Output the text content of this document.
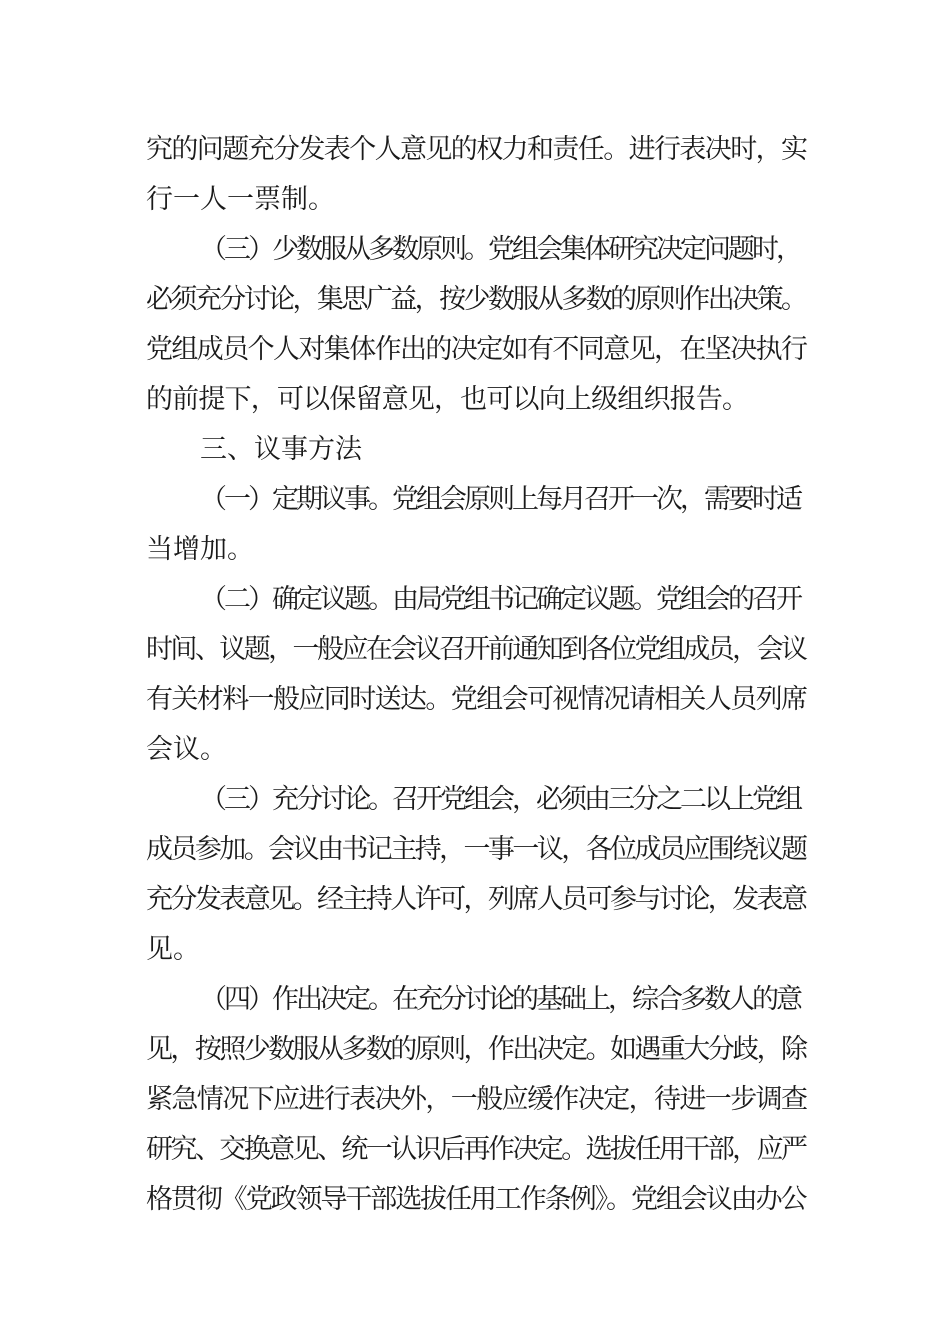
究的问题充分发表个人意见的权力和责任。进行表决时，实
行一人一票制。
（三）少数服从多数原则。党组会集体研究决定问题时，
必须充分讨论，集思广益，按少数服从多数的原则作出决策。
党组成员个人对集体作出的决定如有不同意见，在坚决执行
的前提下，可以保留意见，也可以向上级组织报告。
三、议事方法
（一）定期议事。党组会原则上每月召开一次，需要时适
当增加。
（二）确定议题。由局党组书记确定议题。党组会的召开
时间、议题，一般应在会议召开前通知到各位党组成员，会议
有关材料一般应同时送达。党组会可视情况请相关人员列席
会议。
（三）充分讨论。召开党组会，必须由三分之二以上党组
成员参加。会议由书记主持，一事一议，各位成员应围绕议题
充分发表意见。经主持人许可，列席人员可参与讨论，发表意
见。
（四）作出决定。在充分讨论的基础上，综合多数人的意
见，按照少数服从多数的原则，作出决定。如遇重大分歧，除
紧急情况下应进行表决外，一般应缓作决定，待进一步调查
研究、交换意见、统一认识后再作决定。选拔任用干部，应严
格贯彻《党政领导干部选拔任用工作条例》。党组会议由办公
